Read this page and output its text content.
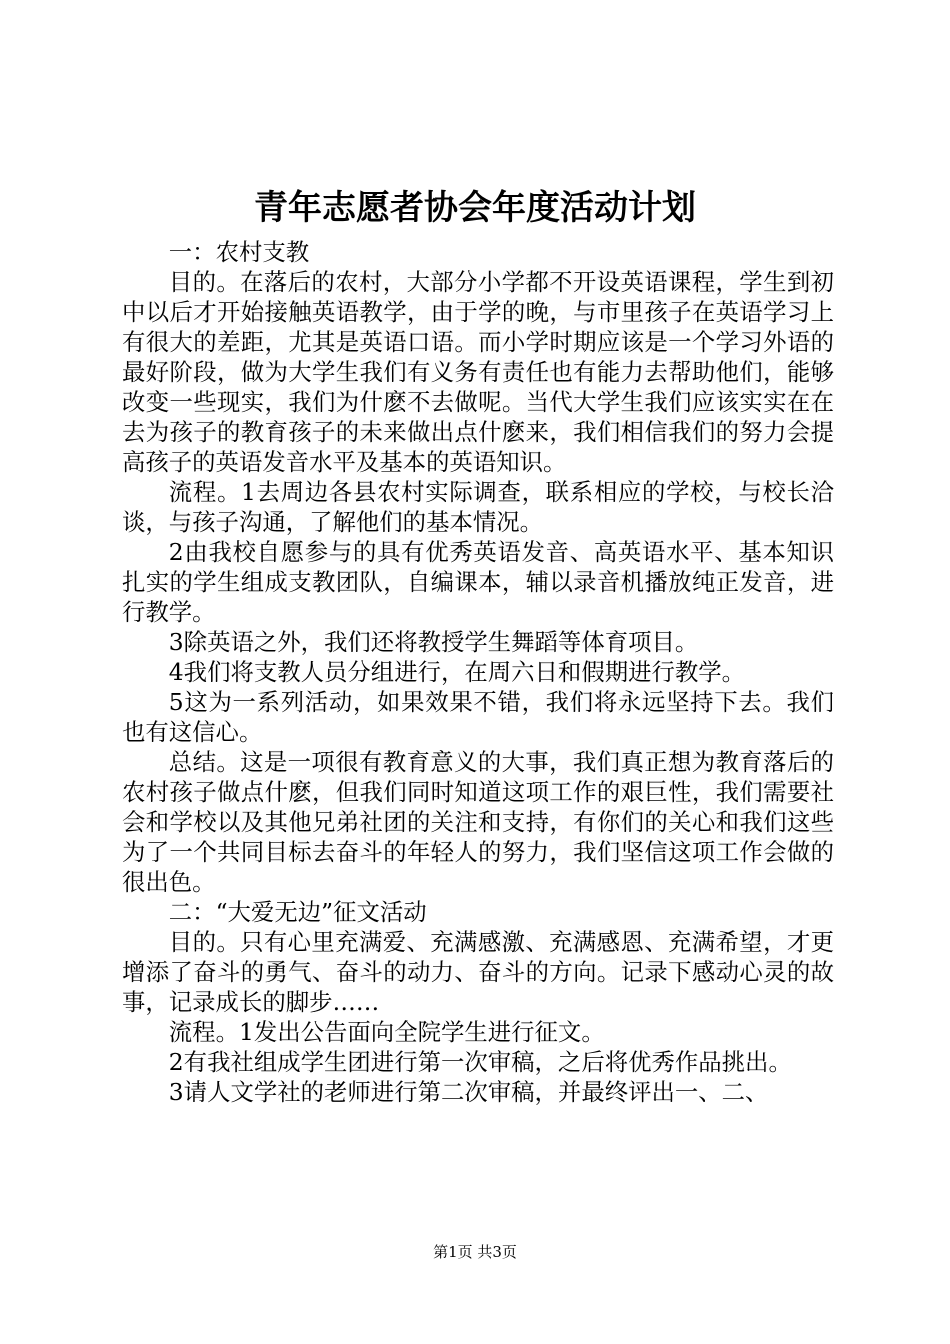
青年志愿者协会年度活动计划

一：农村支教

目的。在落后的农村，大部分小学都不开设英语课程，学生到初中以后才开始接触英语教学，由于学的晚，与市里孩子在英语学习上有很大的差距，尤其是英语口语。而小学时期应该是一个学习外语的最好阶段，做为大学生我们有义务有责任也有能力去帮助他们，能够改变一些现实，我们为什麽不去做呢。当代大学生我们应该实实在在去为孩子的教育孩子的未来做出点什麽来，我们相信我们的努力会提高孩子的英语发音水平及基本的英语知识。

流程。1去周边各县农村实际调查，联系相应的学校，与校长洽谈，与孩子沟通，了解他们的基本情况。

2由我校自愿参与的具有优秀英语发音、高英语水平、基本知识扎实的学生组成支教团队，自编课本，辅以录音机播放纯正发音，进行教学。

3除英语之外，我们还将教授学生舞蹈等体育项目。

4我们将支教人员分组进行，在周六日和假期进行教学。

5这为一系列活动，如果效果不错，我们将永远坚持下去。我们也有这信心。

总结。这是一项很有教育意义的大事，我们真正想为教育落后的农村孩子做点什麽，但我们同时知道这项工作的艰巨性，我们需要社会和学校以及其他兄弟社团的关注和支持，有你们的关心和我们这些为了一个共同目标去奋斗的年轻人的努力，我们坚信这项工作会做的很出色。

二：“大爱无边”征文活动

目的。只有心里充满爱、充满感激、充满感恩、充满希望，才更增添了奋斗的勇气、奋斗的动力、奋斗的方向。记录下感动心灵的故事，记录成长的脚步……

流程。1发出公告面向全院学生进行征文。

2有我社组成学生团进行第一次审稿，之后将优秀作品挑出。

3请人文学社的老师进行第二次审稿，并最终评出一、二、

第1页 共3页
